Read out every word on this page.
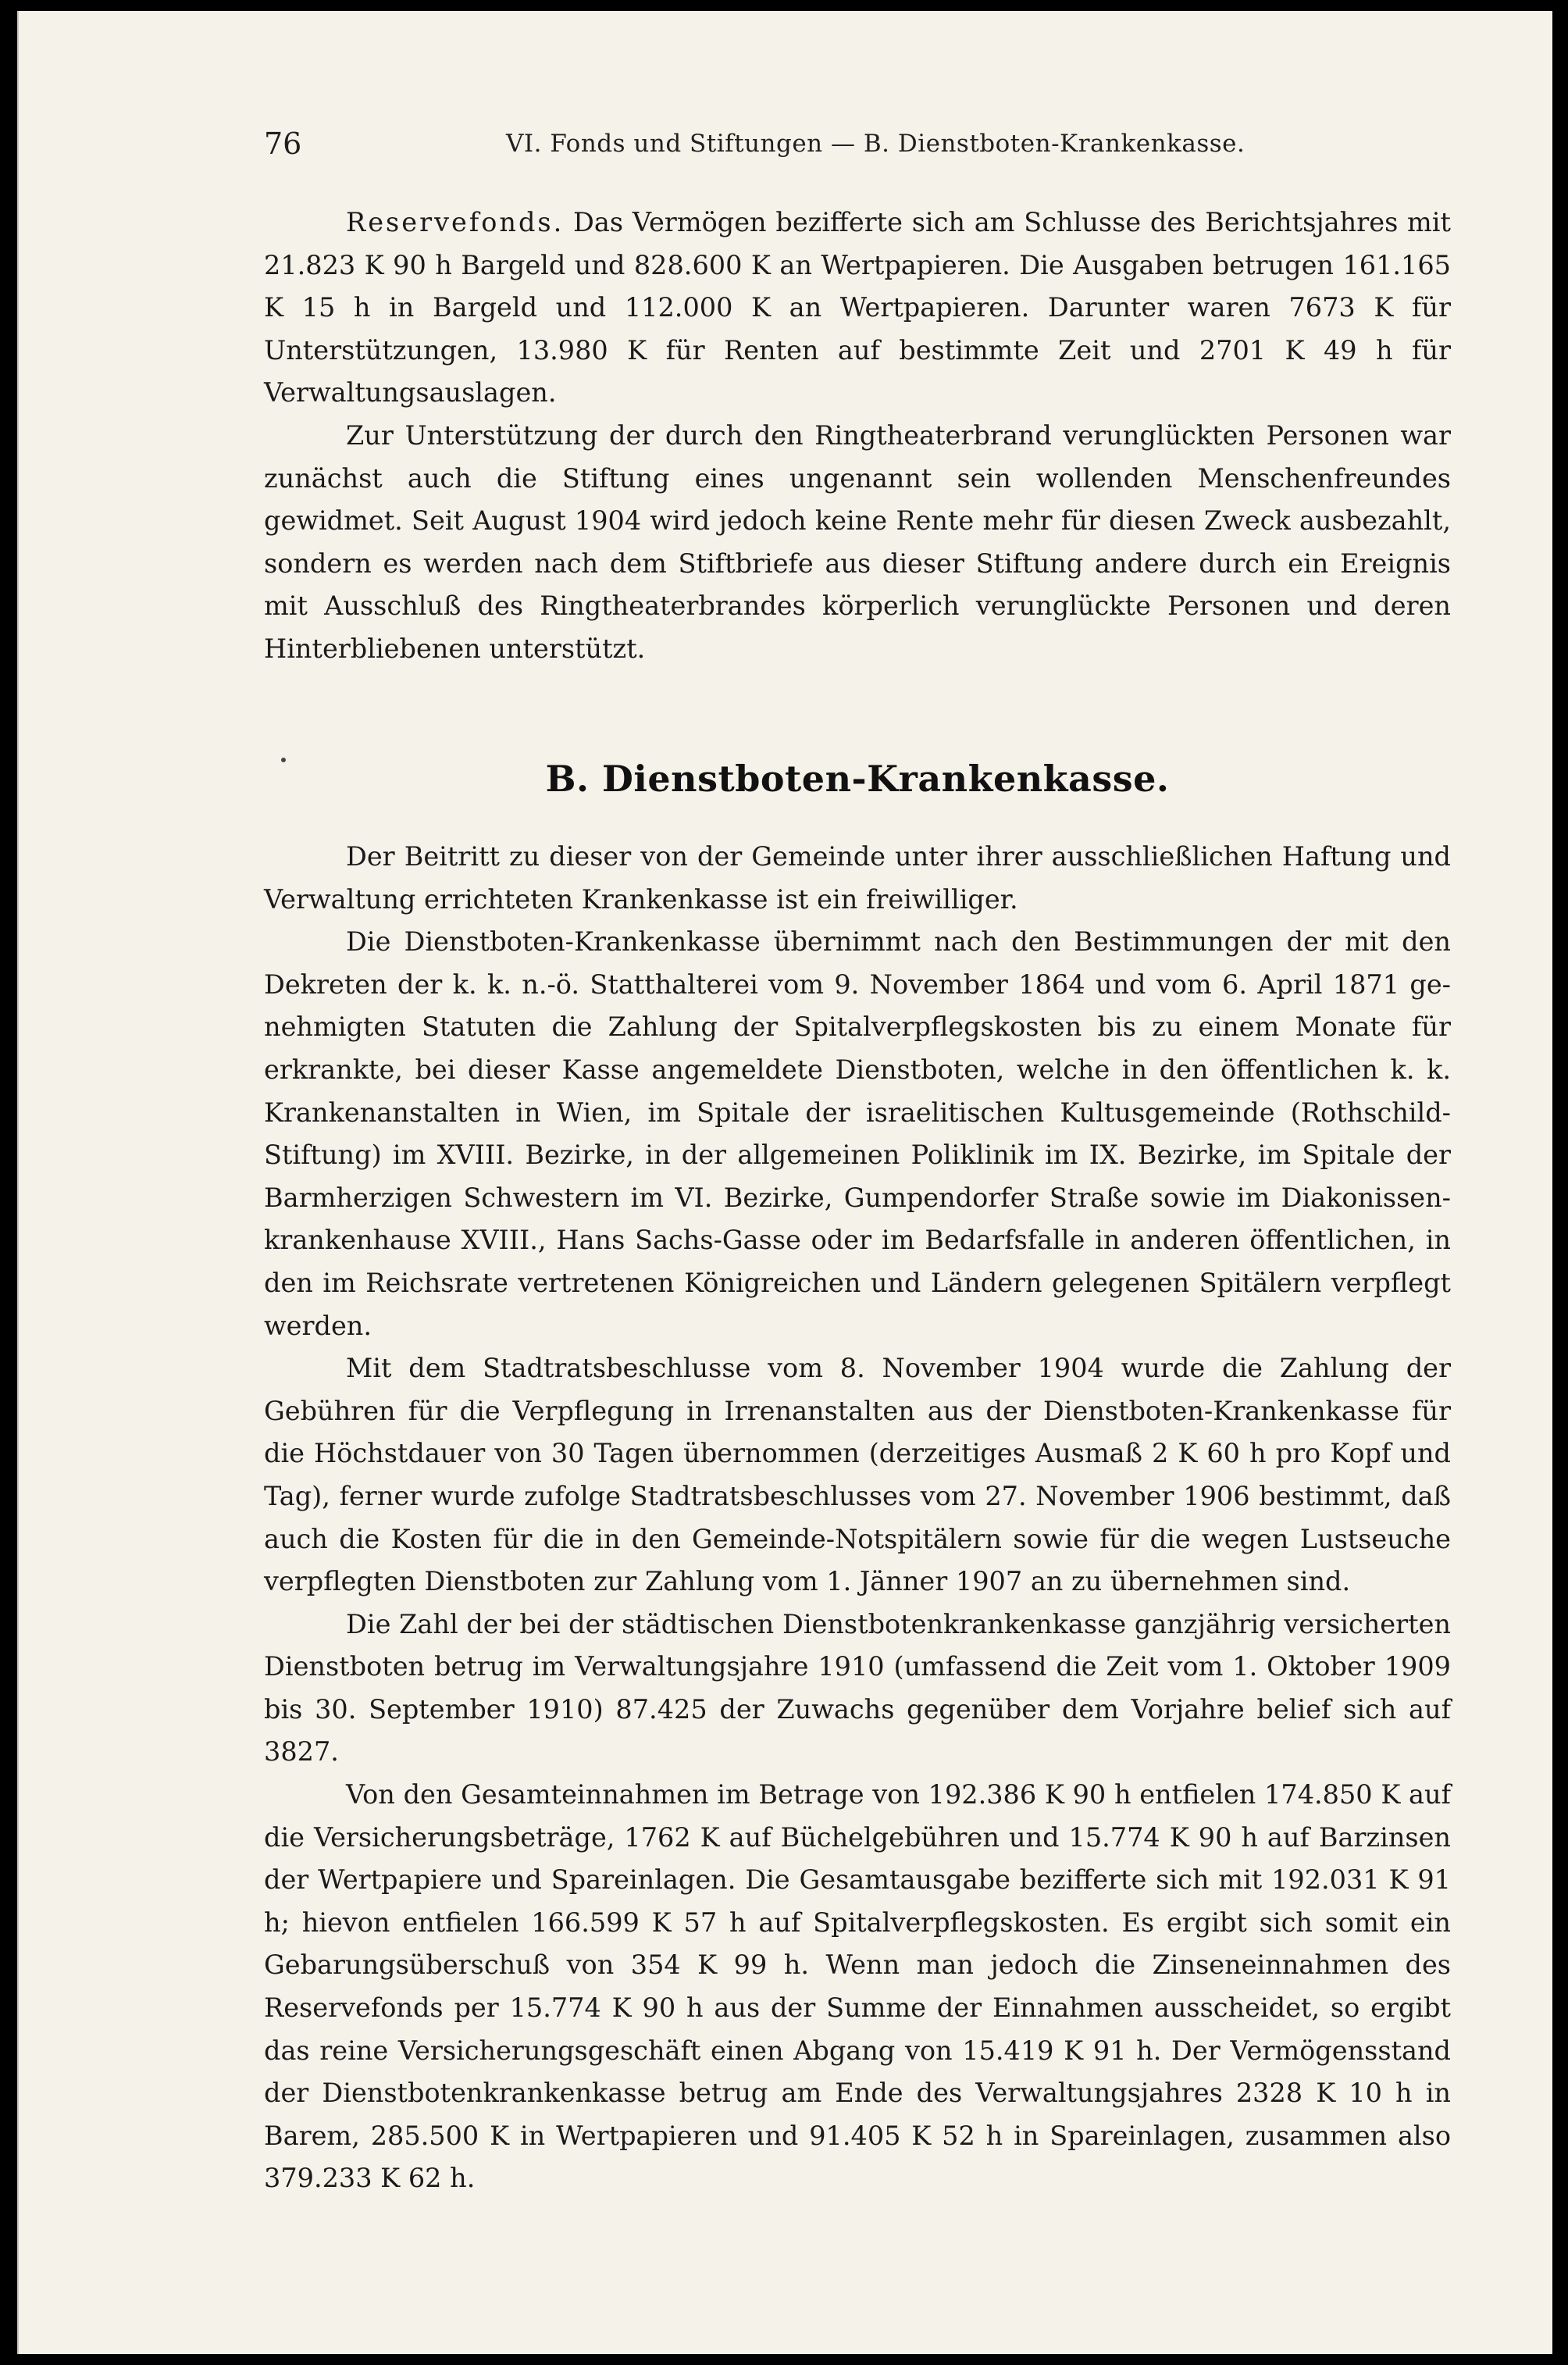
76	VI. Fonds und Stiftungen — B. Dienstboten-Krankenkasse.

Reservefonds. Das Vermögen bezifferte sich am Schlusse des Berichtsjahres mit 21.823 K 90 h Bargeld und 828.600 K an Wertpapieren. Die Ausgaben betrugen 161.165 K 15 h in Bargeld und 112.000 K an Wertpapieren. Darunter waren 7673 K für Unterstützungen, 13.980 K für Renten auf bestimmte Zeit und 2701 K 49 h für Verwaltungsauslagen.

Zur Unterstützung der durch den Ringtheaterbrand verunglückten Personen war zunächst auch die Stiftung eines ungenannt sein wollenden Menschenfreundes gewidmet. Seit August 1904 wird jedoch keine Rente mehr für diesen Zweck ausbezahlt, sondern es werden nach dem Stiftbriefe aus dieser Stiftung andere durch ein Ereignis mit Ausschluß des Ringtheaterbrandes körperlich verunglückte Personen und deren Hinterbliebenen unterstützt.

B. Dienstboten-Krankenkasse.

Der Beitritt zu dieser von der Gemeinde unter ihrer ausschließlichen Haftung und Verwaltung errichteten Krankenkasse ist ein freiwilliger.

Die Dienstboten-Krankenkasse übernimmt nach den Bestimmungen der mit den Dekreten der k. k. n.-ö. Statthalterei vom 9. November 1864 und vom 6. April 1871 genehmigten Statuten die Zahlung der Spitalverpflegskosten bis zu einem Monate für erkrankte, bei dieser Kasse angemeldete Dienstboten, welche in den öffentlichen k. k. Krankenanstalten in Wien, im Spitale der israelitischen Kultusgemeinde (Rothschild-Stiftung) im XVIII. Bezirke, in der allgemeinen Poliklinik im IX. Bezirke, im Spitale der Barmherzigen Schwestern im VI. Bezirke, Gumpendorfer Straße sowie im Diakonissenkrankenhause XVIII., Hans Sachs-Gasse oder im Bedarfsfalle in anderen öffentlichen, in den im Reichsrate vertretenen Königreichen und Ländern gelegenen Spitälern verpflegt werden.

Mit dem Stadtratsbeschlusse vom 8. November 1904 wurde die Zahlung der Gebühren für die Verpflegung in Irrenanstalten aus der Dienstboten-Krankenkasse für die Höchstdauer von 30 Tagen übernommen (derzeitiges Ausmaß 2 K 60 h pro Kopf und Tag), ferner wurde zufolge Stadtratsbeschlusses vom 27. November 1906 bestimmt, daß auch die Kosten für die in den Gemeinde-Notspitälern sowie für die wegen Lustseuche verpflegten Dienstboten zur Zahlung vom 1. Jänner 1907 an zu übernehmen sind.

Die Zahl der bei der städtischen Dienstbotenkrankenkasse ganzjährig versicherten Dienstboten betrug im Verwaltungsjahre 1910 (umfassend die Zeit vom 1. Oktober 1909 bis 30. September 1910) 87.425 der Zuwachs gegenüber dem Vorjahre belief sich auf 3827.

Von den Gesamteinnahmen im Betrage von 192.386 K 90 h entfielen 174.850 K auf die Versicherungsbeträge, 1762 K auf Büchelgebühren und 15.774 K 90 h auf Barzinsen der Wertpapiere und Spareinlagen. Die Gesamtausgabe bezifferte sich mit 192.031 K 91 h; hievon entfielen 166.599 K 57 h auf Spitalverpflegskosten. Es ergibt sich somit ein Gebarungsüberschuß von 354 K 99 h. Wenn man jedoch die Zinseneinnahmen des Reservefonds per 15.774 K 90 h aus der Summe der Einnahmen ausscheidet, so ergibt das reine Versicherungsgeschäft einen Abgang von 15.419 K 91 h. Der Vermögensstand der Dienstbotenkrankenkasse betrug am Ende des Verwaltungsjahres 2328 K 10 h in Barem, 285.500 K in Wertpapieren und 91.405 K 52 h in Spareinlagen, zusammen also 379.233 K 62 h.
